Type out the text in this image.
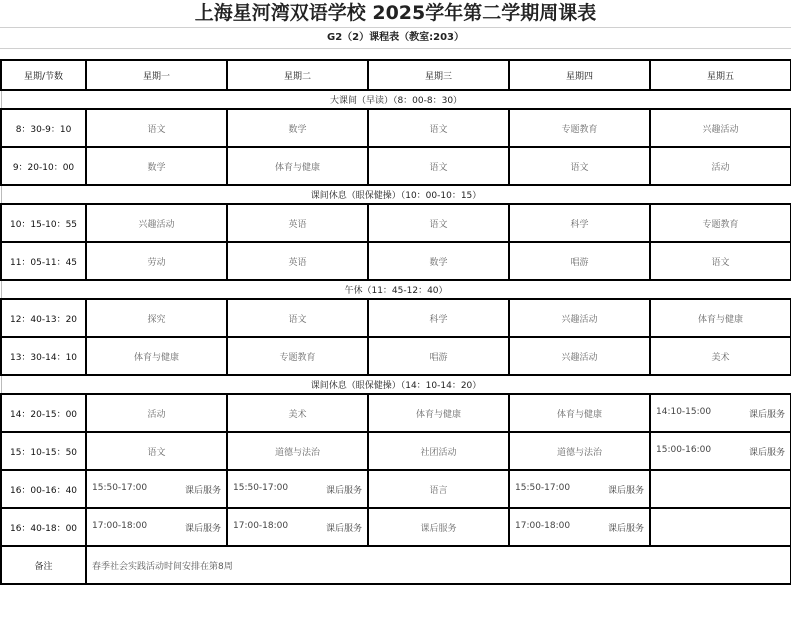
上海星河湾双语学校 2025学年第二学期周课表
G2（2）课程表（教室:203）
星期/节数	星期一	星期二	星期三	星期四	星期五
大课间（早读）（8：00-8：30）					
8：30-9：10	语文	数学	语文	专题教育	兴趣活动
9：20-10：00	数学	体育与健康	语文	语文	活动
课间休息（眼保健操）（10：00-10：15）					
10：15-10：55	兴趣活动	英语	语文	科学	专题教育
11：05-11：45	劳动	英语	数学	唱游	语文
午休（11：45-12：40）					
12：40-13：20	探究	语文	科学	兴趣活动	体育与健康
13：30-14：10	体育与健康	专题教育	唱游	兴趣活动	美术
课间休息（眼保健操）（14：10-14：20）					
14：20-15：00	活动	美术	体育与健康	体育与健康	14:10-15:00 课后服务

15：10-15：50	语文	道德与法治	社团活动	道德与法治	15:00-16:00 课后服务

16：00-16：40	15:50-17:00 课后服务	15:50-17:00 课后服务	语言	15:50-17:00 课后服务	

16：40-18：00	17:00-18:00 课后服务	17:00-18:00 课后服务	课后服务	17:00-18:00 课后服务	

备注	春季社会实践活动时间安排在第8周				
